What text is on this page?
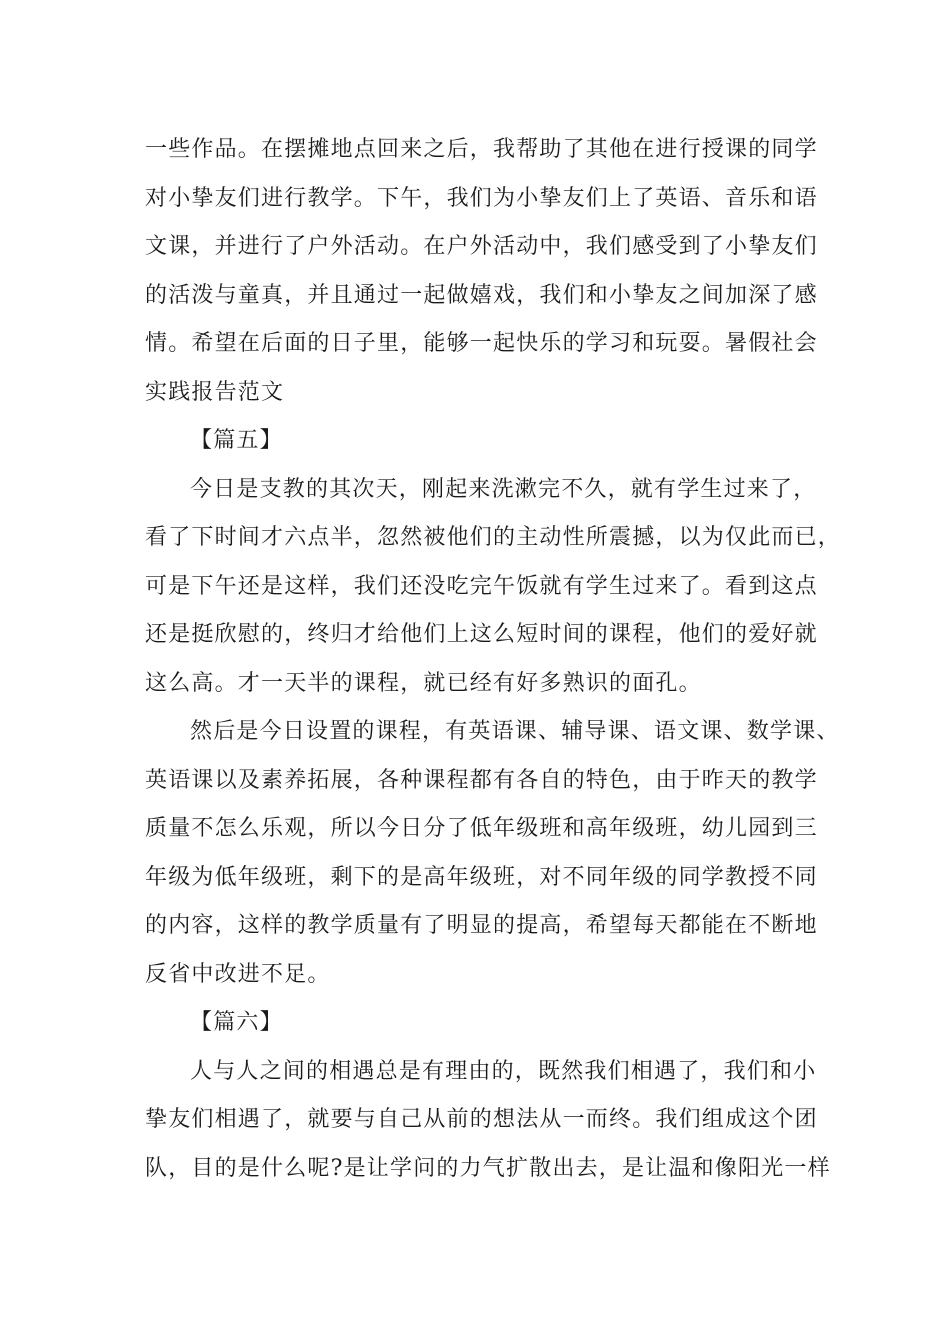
一些作品。在摆摊地点回来之后，我帮助了其他在进行授课的同学
对小挚友们进行教学。下午，我们为小挚友们上了英语、音乐和语
文课，并进行了户外活动。在户外活动中，我们感受到了小挚友们
的活泼与童真，并且通过一起做嬉戏，我们和小挚友之间加深了感
情。希望在后面的日子里，能够一起快乐的学习和玩耍。暑假社会
实践报告范文
【篇五】
今日是支教的其次天，刚起来洗漱完不久，就有学生过来了，
看了下时间才六点半，忽然被他们的主动性所震撼，以为仅此而已，
可是下午还是这样，我们还没吃完午饭就有学生过来了。看到这点
还是挺欣慰的，终归才给他们上这么短时间的课程，他们的爱好就
这么高。才一天半的课程，就已经有好多熟识的面孔。
然后是今日设置的课程，有英语课、辅导课、语文课、数学课、
英语课以及素养拓展，各种课程都有各自的特色，由于昨天的教学
质量不怎么乐观，所以今日分了低年级班和高年级班，幼儿园到三
年级为低年级班，剩下的是高年级班，对不同年级的同学教授不同
的内容，这样的教学质量有了明显的提高，希望每天都能在不断地
反省中改进不足。
【篇六】
人与人之间的相遇总是有理由的，既然我们相遇了，我们和小
挚友们相遇了，就要与自己从前的想法从一而终。我们组成这个团
队，目的是什么呢?是让学问的力气扩散出去，是让温和像阳光一样
